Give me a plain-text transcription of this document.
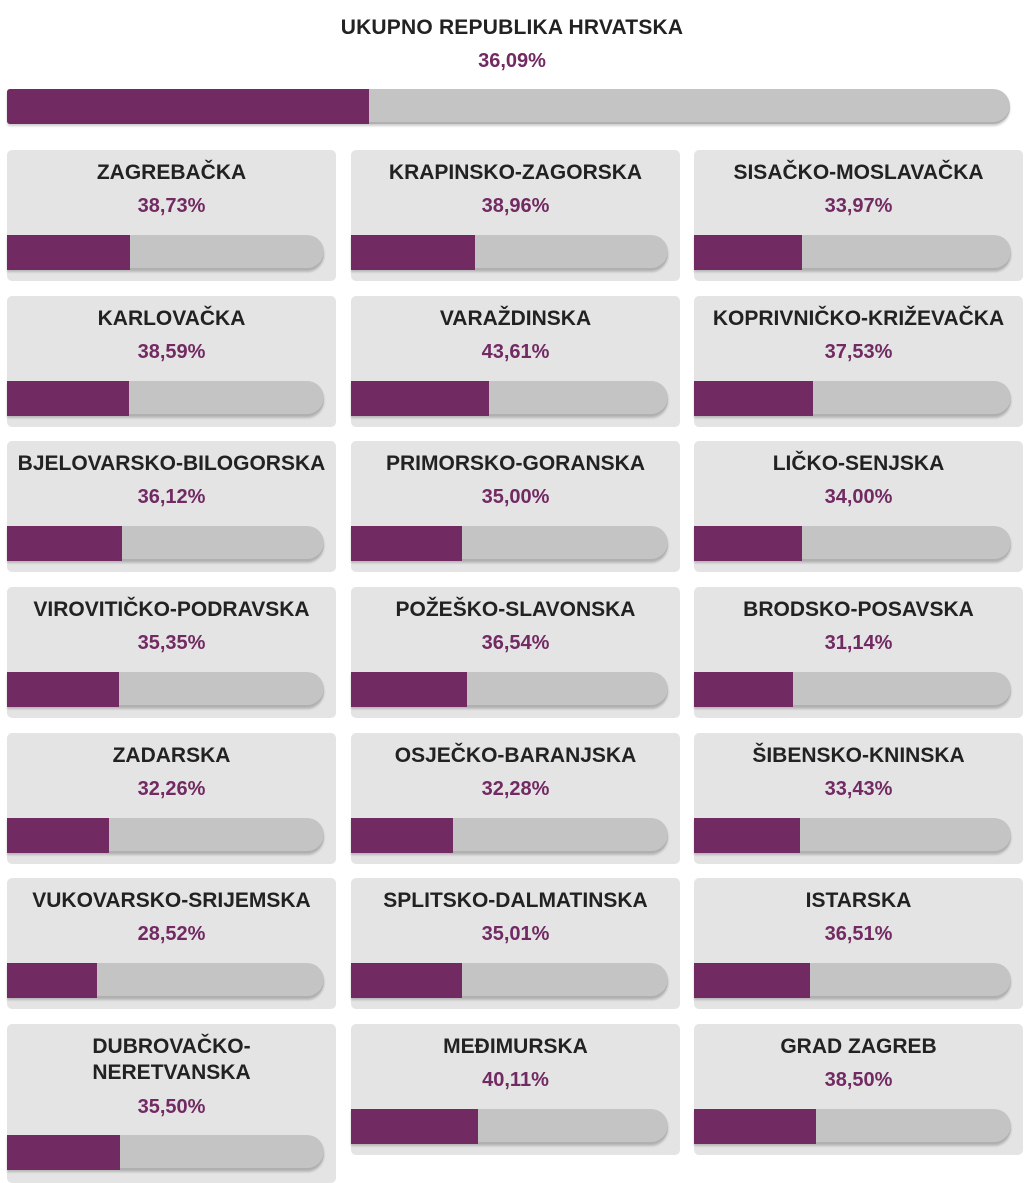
UKUPNO REPUBLIKA HRVATSKA
36,09%
ZAGREBAČKA
38,73%
KRAPINSKO-ZAGORSKA
38,96%
SISAČKO-MOSLAVAČKA
33,97%
KARLOVAČKA
38,59%
VARAŽDINSKA
43,61%
KOPRIVNIČKO-KRIŽEVAČKA
37,53%
BJELOVARSKO-BILOGORSKA
36,12%
PRIMORSKO-GORANSKA
35,00%
LIČKO-SENJSKA
34,00%
VIROVITIČKO-PODRAVSKA
35,35%
POŽEŠKO-SLAVONSKA
36,54%
BRODSKO-POSAVSKA
31,14%
ZADARSKA
32,26%
OSJEČKO-BARANJSKA
32,28%
ŠIBENSKO-KNINSKA
33,43%
VUKOVARSKO-SRIJEMSKA
28,52%
SPLITSKO-DALMATINSKA
35,01%
ISTARSKA
36,51%
DUBROVAČKO-
NERETVANSKA
35,50%
MEĐIMURSKA
40,11%
GRAD ZAGREB
38,50%
